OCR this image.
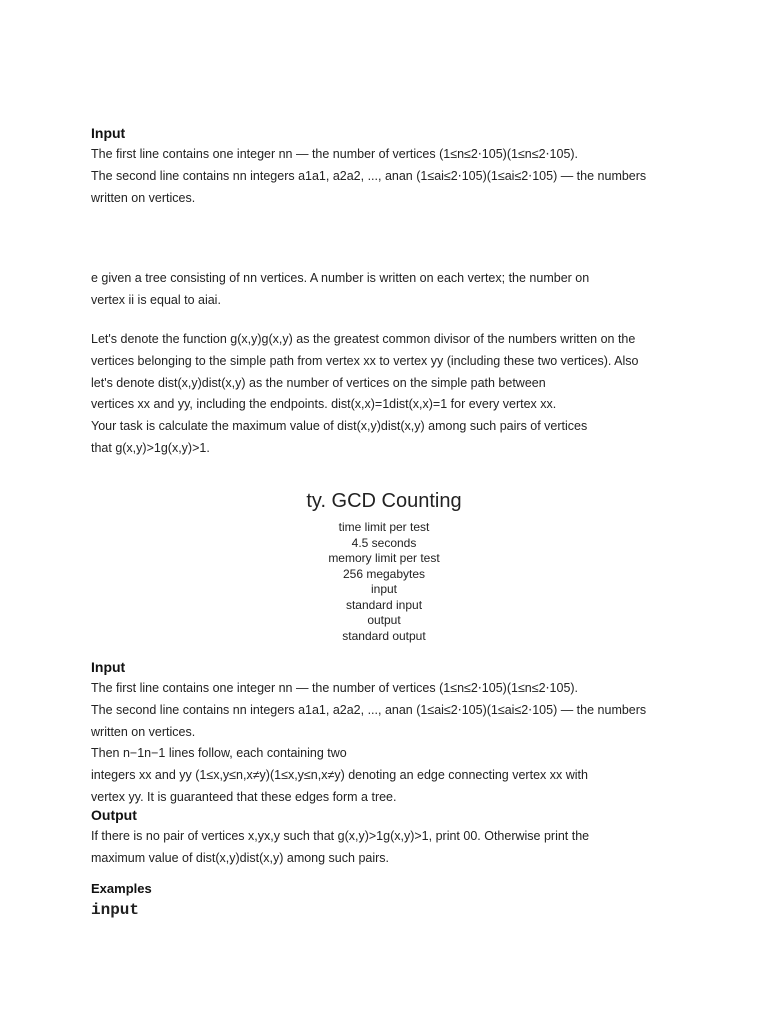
Input

The first line contains one integer nn — the number of vertices (1≤n≤2⋅105)(1≤n≤2⋅105).

The second line contains nn integers a1a1, a2a2, ..., anan (1≤ai≤2⋅105)(1≤ai≤2⋅105) — the numbers

written on vertices.

e given a tree consisting of nn vertices. A number is written on each vertex; the number on

vertex ii is equal to aiai.

Let's denote the function g(x,y)g(x,y) as the greatest common divisor of the numbers written on the

vertices belonging to the simple path from vertex xx to vertex yy (including these two vertices). Also

let's denote dist(x,y)dist(x,y) as the number of vertices on the simple path between

vertices xx and yy, including the endpoints. dist(x,x)=1dist(x,x)=1 for every vertex xx.

Your task is calculate the maximum value of dist(x,y)dist(x,y) among such pairs of vertices

that g(x,y)>1g(x,y)>1.

ty. GCD Counting

time limit per test
4.5 seconds
memory limit per test
256 megabytes
input
standard input
output
standard output

Input

The first line contains one integer nn — the number of vertices (1≤n≤2⋅105)(1≤n≤2⋅105).

The second line contains nn integers a1a1, a2a2, ..., anan (1≤ai≤2⋅105)(1≤ai≤2⋅105) — the numbers

written on vertices.

Then n−1n−1 lines follow, each containing two

integers xx and yy (1≤x,y≤n,x≠y)(1≤x,y≤n,x≠y) denoting an edge connecting vertex xx with

vertex yy. It is guaranteed that these edges form a tree.

Output

If there is no pair of vertices x,yx,y such that g(x,y)>1g(x,y)>1, print 00. Otherwise print the

maximum value of dist(x,y)dist(x,y) among such pairs.

Examples

input
